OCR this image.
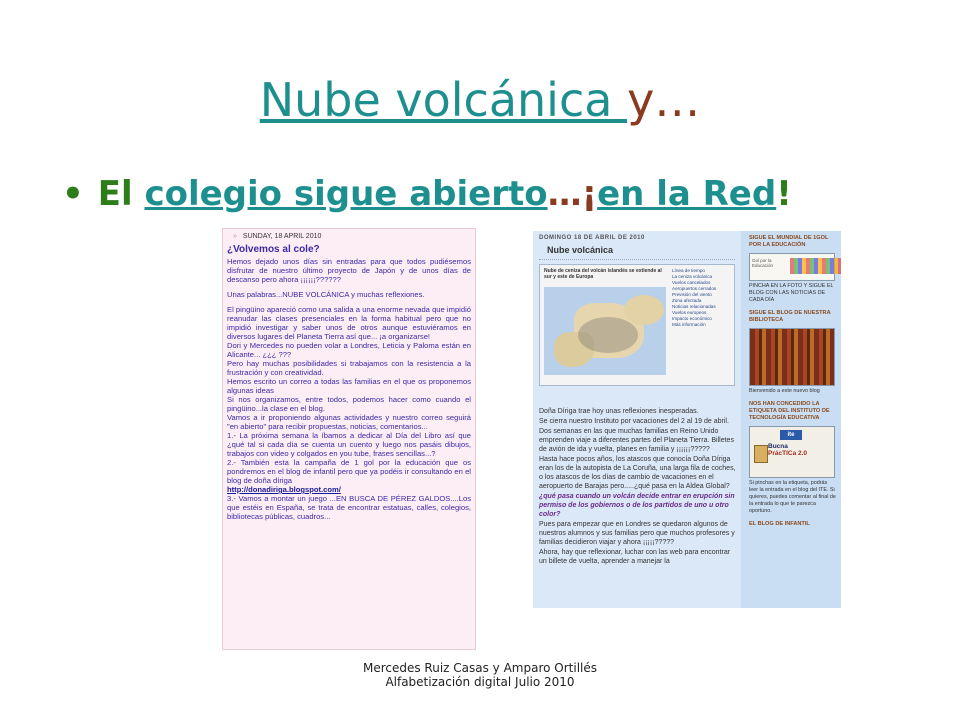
Nube volcánica y…
• El colegio sigue abierto…¡en la Red!
» SUNDAY, 18 APRIL 2010
¿Volvemos al cole?

Hemos dejado unos días sin entradas para que todos pudiésemos disfrutar de nuestro último proyecto de Japón y de unos días de descanso pero ahora ¡¡¡¡¡¡??????

Unas palabras...NUBE VOLCÁNICA y muchas reflexiones.

El pingüino apareció como una salida a una enorme nevada que impidió reanudar las clases presenciales en la forma habitual pero que no impidió investigar y saber unos de otros aunque estuviéramos en diversos lugares del Planeta Tierra así que... ¡a organizarse!

Dori y Mercedes no pueden volar a Londres, Leticia y Paloma están en Alicante... ¿¿¿ ???

Pero hay muchas posibilidades si trabajamos con la resistencia a la frustración y con creatividad.

Hemos escrito un correo a todas las familias en el que os proponemos algunas ideas

Si nos organizamos, entre todos, podemos hacer como cuando el pingüino...la clase en el blog.

Vamos a ir proponiendo algunas actividades y nuestro correo seguirá "en abierto" para recibir propuestas, noticias, comentarios...

1.- La próxima semana la íbamos a dedicar al Día del Libro así que ¿qué tal si cada día se cuenta un cuento y luego nos pasáis dibujos, trabajos con video y colgados en you tube, frases sencillas...?

2.- También esta la campaña de 1 gol por la educación que os pondremos en el blog de infantil pero que ya podéis ir consultando en el blog de doña díriga

http://donadiriga.blogspot.com/

3.- Vamos a montar un juego ...EN BUSCA DE PÉREZ GALDOS....Los que estéis en España, se trata de encontrar estatuas, calles, colegios, bibliotecas públicas, cuadros...

DOMINGO 18 DE ABRIL DE 2010
Nube volcánica
Nube de ceniza del volcán islandés se extiende al sur y este de Europa
Línea de tiempo
La ceniza volcánica
Vuelos cancelados
Aeropuertos cerrados
Previsión del viento
Zona afectada
Noticias relacionadas
Vuelos europeos
Impacto económico
Más información

Doña Díriga trae hoy unas reflexiones inesperadas.

Se cierra nuestro Instituto por vacaciones del 2 al 19 de abril.

Dos semanas en las que muchas familias en Reino Unido emprenden viaje a diferentes partes del Planeta Tierra. Billetes de avión de ida y vuelta, planes en familia y ¡¡¡¡¡¡?????

Hasta hace pocos años, los atascos que conocía Doña Díriga eran los de la autopista de La Coruña, una larga fila de coches, o los atascos de los días de cambio de vacaciones en el aeropuerto de Barajas pero.....¿qué pasa en la Aldea Global?

¿qué pasa cuando un volcán decide entrar en erupción sin permiso de los gobiernos o de los partidos de uno u otro color?

Pues para empezar que en Londres se quedaron algunos de nuestros alumnos y sus familias pero que muchos profesores y familias decidieron viajar y ahora ¡¡¡¡¡?????

Ahora, hay que reflexionar, luchar con las web para encontrar un billete de vuelta, aprender a manejar la

SIGUE EL MUNDIAL DE 1GOL POR LA EDUCACIÓN
Gol por la Educación
PINCHA EN LA FOTO Y SIGUE EL BLOG CON LAS NOTICIAS DE CADA DÍA
SIGUE EL BLOG DE NUESTRA BIBLIOTECA
Bienvenido a este nuevo blog
NOS HAN CONCEDIDO LA ETIQUETA DEL INSTITUTO DE TECNOLOGÍA EDUCATIVA
ite
Bucna
PrácTICa 2.0
Si pinchas en la etiqueta, podrás leer la entrada en el blog del ITE. Si quieres, puedes comentar al final de la entrada lo que te parezca oportuno.
EL BLOG DE INFANTIL
Mercedes Ruiz Casas y Amparo Ortillés
Alfabetización digital Julio 2010
